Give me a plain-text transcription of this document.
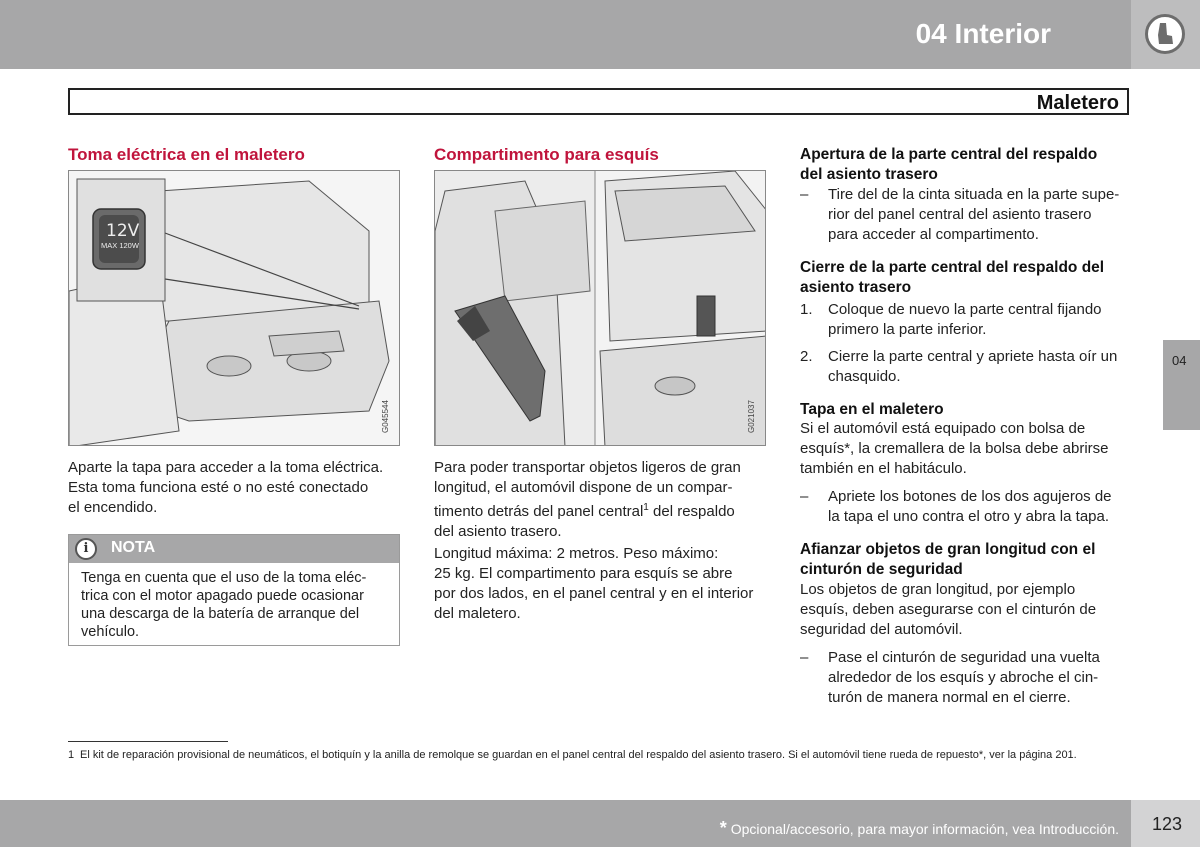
04 Interior
Maletero
Toma eléctrica en el maletero
12V
MAX 120W
G045544
Aparte la tapa para acceder a la toma eléctrica.
Esta toma funciona esté o no esté conectado
el encendido.
i	NOTA
Tenga en cuenta que el uso de la toma eléc-
trica con el motor apagado puede ocasionar
una descarga de la batería de arranque del
vehículo.
Compartimento para esquís
G021037
Para poder transportar objetos ligeros de gran
longitud, el automóvil dispone de un compar-
timento detrás del panel central$^1$ del respaldo
del asiento trasero.
Longitud máxima: 2 metros. Peso máximo:
25 kg. El compartimento para esquís se abre
por dos lados, en el panel central y en el interior
del maletero.
Apertura de la parte central del respaldo
del asiento trasero
– Tire del de la cinta situada en la parte supe-
rior del panel central del asiento trasero
para acceder al compartimento.
Cierre de la parte central del respaldo del
asiento trasero
1. Coloque de nuevo la parte central fijando
primero la parte inferior.
2. Cierre la parte central y apriete hasta oír un
chasquido.
Tapa en el maletero
Si el automóvil está equipado con bolsa de
esquís*, la cremallera de la bolsa debe abrirse
también en el habitáculo.
– Apriete los botones de los dos agujeros de
la tapa el uno contra el otro y abra la tapa.
Afianzar objetos de gran longitud con el
cinturón de seguridad
Los objetos de gran longitud, por ejemplo
esquís, deben asegurarse con el cinturón de
seguridad del automóvil.
– Pase el cinturón de seguridad una vuelta
alrededor de los esquís y abroche el cin-
turón de manera normal en el cierre.
04
1 El kit de reparación provisional de neumáticos, el botiquín y la anilla de remolque se guardan en el panel central del respaldo del asiento trasero. Si el automóvil tiene rueda de repuesto*, ver la página 201.
* Opcional/accesorio, para mayor información, vea Introducción. 123
